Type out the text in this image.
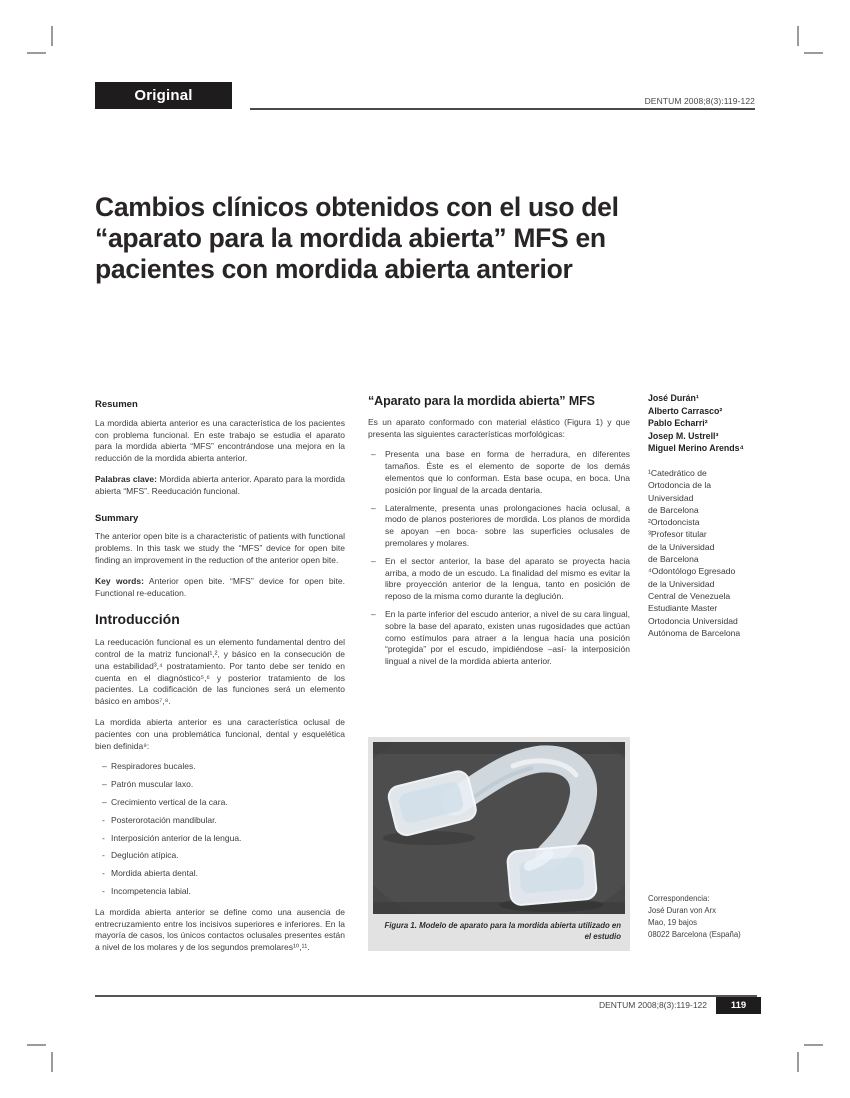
Original	DENTUM 2008;8(3):119-122
Cambios clínicos obtenidos con el uso del
“aparato para la mordida abierta” MFS en
pacientes con mordida abierta anterior
Resumen

La mordida abierta anterior es una característica de los pacientes con problema funcional. En este trabajo se estudia el aparato para la mordida abierta “MFS” encontrándose una mejora en la reducción de la mordida abierta anterior.

Palabras clave: Mordida abierta anterior. Aparato para la mordida abierta “MFS”. Reeducación funcional.

Summary

The anterior open bite is a characteristic of patients with functional problems. In this task we study the “MFS” device for open bite finding an improvement in the reduction of the anterior open bite.

Key words: Anterior open bite. “MFS” device for open bite. Functional re-education.

Introducción

La reeducación funcional es un elemento fundamental dentro del control de la matriz funcional¹,², y básico en la consecución de una estabilidad³,⁴ postratamiento. Por tanto debe ser tenido en cuenta en el diagnóstico⁵,⁶ y posterior tratamiento de los pacientes. La codificación de las funciones será un elemento básico en ambos⁷,⁸.

La mordida abierta anterior es una característica oclusal de pacientes con una problemática funcional, dental y esquelética bien definida⁹:

– Respiradores bucales.
– Patrón muscular laxo.
– Crecimiento vertical de la cara.
- Posterorotación mandibular.
- Interposición anterior de la lengua.
- Deglución atípica.
- Mordida abierta dental.
- Incompetencia labial.

La mordida abierta anterior se define como una ausencia de entrecruzamiento entre los incisivos superiores e inferiores. En la mayoría de casos, los únicos contactos oclusales presentes están a nivel de los molares y de los segundos premolares¹⁰,¹¹.

“Aparato para la mordida abierta” MFS

Es un aparato conformado con material elástico (Figura 1) y que presenta las siguientes características morfológicas:

–	Presenta una base en forma de herradura, en diferentes tamaños. Éste es el elemento de soporte de los demás elementos que lo conforman. Esta base ocupa, en boca. Una posición por lingual de la arcada dentaria.
–	Lateralmente, presenta unas prolongaciones hacia oclusal, a modo de planos posteriores de mordida. Los planos de mordida se apoyan –en boca- sobre las superficies oclusales de premolares y molares.
–	En el sector anterior, la base del aparato se proyecta hacia arriba, a modo de un escudo. La finalidad del mismo es evitar la libre proyección anterior de la lengua, tanto en posición de reposo de la misma como durante la deglución.
–	En la parte inferior del escudo anterior, a nivel de su cara lingual, sobre la base del aparato, existen unas rugosidades que actúan como estímulos para atraer a la lengua hacia una posición “protegida” por el escudo, impidiéndose –así- la interposición lingual a nivel de la mordida abierta anterior.
Figura 1. Modelo de aparato para la mordida abierta utilizado en el estudio
José Durán¹
Alberto Carrasco²
Pablo Echarri²
Josep M. Ustrell³
Miguel Merino Arends⁴
¹Catedrático de
Ortodoncia de la
Universidad
de Barcelona
²Ortodoncista
³Profesor titular
de la Universidad
de Barcelona
⁴Odontólogo Egresado
de la Universidad
Central de Venezuela
Estudiante Master
Ortodoncia Universidad
Autónoma de Barcelona
Correspondencia:
José Duran von Arx
Mao, 19 bajos
08022 Barcelona (España)
DENTUM 2008;8(3):119-122	119
